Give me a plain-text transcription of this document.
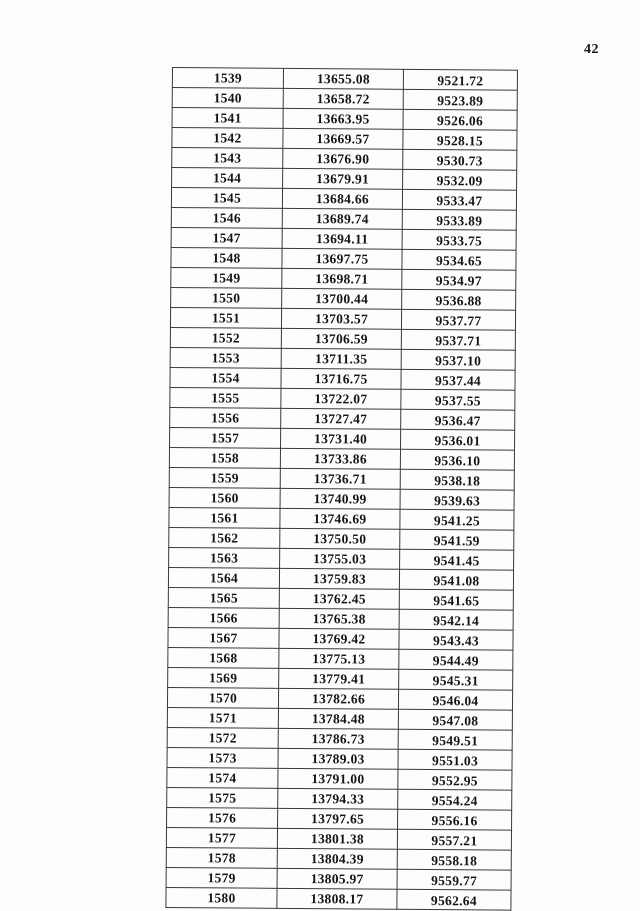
42
1539	13655.08	9521.72
1540	13658.72	9523.89
1541	13663.95	9526.06
1542	13669.57	9528.15
1543	13676.90	9530.73
1544	13679.91	9532.09
1545	13684.66	9533.47
1546	13689.74	9533.89
1547	13694.11	9533.75
1548	13697.75	9534.65
1549	13698.71	9534.97
1550	13700.44	9536.88
1551	13703.57	9537.77
1552	13706.59	9537.71
1553	13711.35	9537.10
1554	13716.75	9537.44
1555	13722.07	9537.55
1556	13727.47	9536.47
1557	13731.40	9536.01
1558	13733.86	9536.10
1559	13736.71	9538.18
1560	13740.99	9539.63
1561	13746.69	9541.25
1562	13750.50	9541.59
1563	13755.03	9541.45
1564	13759.83	9541.08
1565	13762.45	9541.65
1566	13765.38	9542.14
1567	13769.42	9543.43
1568	13775.13	9544.49
1569	13779.41	9545.31
1570	13782.66	9546.04
1571	13784.48	9547.08
1572	13786.73	9549.51
1573	13789.03	9551.03
1574	13791.00	9552.95
1575	13794.33	9554.24
1576	13797.65	9556.16
1577	13801.38	9557.21
1578	13804.39	9558.18
1579	13805.97	9559.77
1580	13808.17	9562.64
